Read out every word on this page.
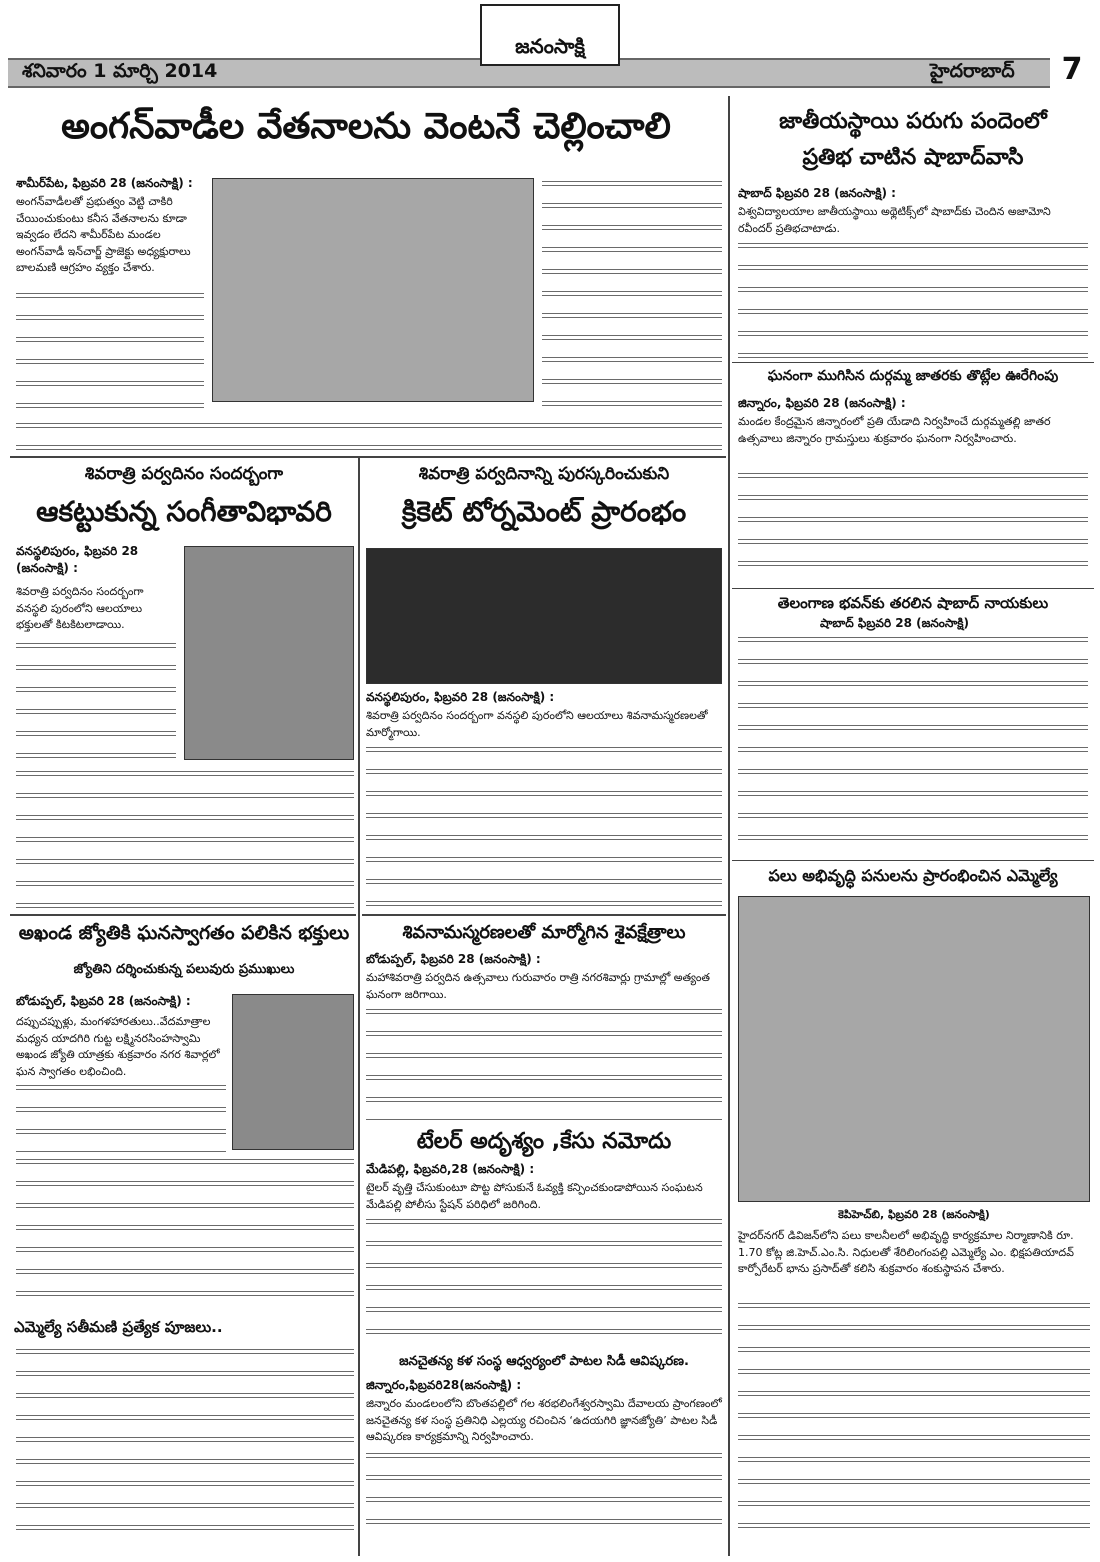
శనివారం 1 మార్చి 2014
జనంసాక్షి
హైదరాబాద్	7
అంగన్‌వాడీల వేతనాలను వెంటనే చెల్లించాలి
శామీర్‌పేట, ఫిబ్రవరి 28 (జనంసాక్షి) :
అంగన్‌వాడీలతో ప్రభుత్వం వెట్టి చాకిరి చేయించుకుంటు కనీస వేతనాలను కూడా ఇవ్వడం లేదని శామీర్‌పేట మండల అంగన్‌వాడీ ఇన్‌చార్జ్ ప్రాజెక్టు అధ్యక్షురాలు బాలమణి ఆగ్రహం వ్యక్తం చేశారు.
శివరాత్రి పర్వదినం సందర్బంగా
ఆకట్టుకున్న సంగీతావిభావరి
వనస్థలిపురం, ఫిబ్రవరి 28 (జనంసాక్షి) :
శివరాత్రి పర్వదినం సందర్బంగా వనస్థలి పురంలోని ఆలయాలు భక్తులతో కిటకిటలాడాయి.
అఖండ జ్యోతికి ఘనస్వాగతం పలికిన భక్తులు
జ్యోతిని దర్శించుకున్న పలువురు ప్రముఖులు
బోడుప్పల్, ఫిబ్రవరి 28 (జనంసాక్షి) :
దప్పుచప్పుళ్లు, మంగళహారతులు..వేదమాత్రాల మధ్యన యాదగిరి గుట్ట లక్ష్మినరసింహస్వామి అఖండ జ్యోతి యాత్రకు శుక్రవారం నగర శివార్లలో ఘన స్వాగతం లభించింది.
ఎమ్మెల్యే సతీమణి ప్రత్యేక పూజలు..
శివరాత్రి పర్వదినాన్ని పురస్కరించుకుని
క్రికెట్ టోర్నమెంట్ ప్రారంభం
వనస్థలిపురం, ఫిబ్రవరి 28 (జనంసాక్షి) :
శివరాత్రి పర్వదినం సందర్బంగా వనస్థలి పురంలోని ఆలయాలు శివనామస్మరణలతో మార్మోగాయి.
శివనామస్మరణలతో మార్మోగిన శైవక్షేత్రాలు
బోడుప్పల్, ఫిబ్రవరి 28 (జనంసాక్షి) :
మహాశివరాత్రి పర్వదిన ఉత్సవాలు గురువారం రాత్రి నగరశివార్లు గ్రామాల్లో అత్యంత ఘనంగా జరిగాయి.
టేలర్ అదృశ్యం ,కేసు నమోదు
మేడిపల్లి, ఫిబ్రవరి,28 (జనంసాక్షి) :
టైలర్ వృత్తి చేసుకుంటూ పొట్ట పోసుకునే ఓవ్యక్తి కన్పించకుండాపోయిన సంఘటన మేడిపల్లి పోలీసు స్టేషన్ పరిధిలో జరిగింది.
జనచైతన్య కళ సంస్థ ఆధ్వర్యంలో పాటల సిడీ ఆవిష్కరణ.
జిన్నారం,ఫిబ్రవరి28(జనంసాక్షి) :
జిన్నారం మండలంలోని బొంతపల్లిలో గల శరభలింగేశ్వరస్వామి దేవాలయ ప్రాంగణంలో జనచైతన్య కళ సంస్థ ప్రతినిధి ఎల్లయ్య రచించిన ‘ఉదయగిరి జ్ఞానజ్యోతి’ పాటల సిడీ ఆవిష్కరణ కార్యక్రమాన్ని నిర్వహించారు.
జాతీయస్థాయి పరుగు పందెంలో
ప్రతిభ చాటిన షాబాద్‌వాసి
షాబాద్ ఫిబ్రవరి 28 (జనంసాక్షి) :
విశ్వవిద్యాలయాల జాతీయస్థాయి అథ్లెటిక్స్‌లో షాబాద్‌కు చెందిన అజామోని రవీందర్ ప్రతిభచాటాడు.
ఘనంగా ముగిసిన దుర్గమ్మ జాతరకు తొట్లేల ఊరేగింపు
జిన్నారం, ఫిబ్రవరి 28 (జనంసాక్షి) :
మండల కేంద్రమైన జిన్నారంలో ప్రతి యేడాది నిర్వహించే దుర్గమ్మతల్లి జాతర ఉత్సవాలు జిన్నారం గ్రామస్తులు శుక్రవారం ఘనంగా నిర్వహించారు.
తెలంగాణ భవన్‌కు తరలిన షాబాద్ నాయకులు
షాబాద్ ఫిబ్రవరి 28 (జనంసాక్షి)
పలు అభివృద్ధి పనులను ప్రారంభించిన ఎమ్మెల్యే
కెపిహెచ్‌బి, ఫిబ్రవరి 28 (జనంసాక్షి)
హైదర్‌నగర్ డివిజన్‌లోని పలు కాలనీలలో అభివృద్ధి కార్యక్రమాల నిర్మాణానికి రూ. 1.70 కోట్ల జి.హెచ్.ఎం.సి. నిధులతో శేరిలింగంపల్లి ఎమ్మెల్యే ఎం. భిక్షపతియాదవ్ కార్పోరేటర్ భాను ప్రసాద్‌తో కలిసి శుక్రవారం శంకుస్థాపన చేశారు.
